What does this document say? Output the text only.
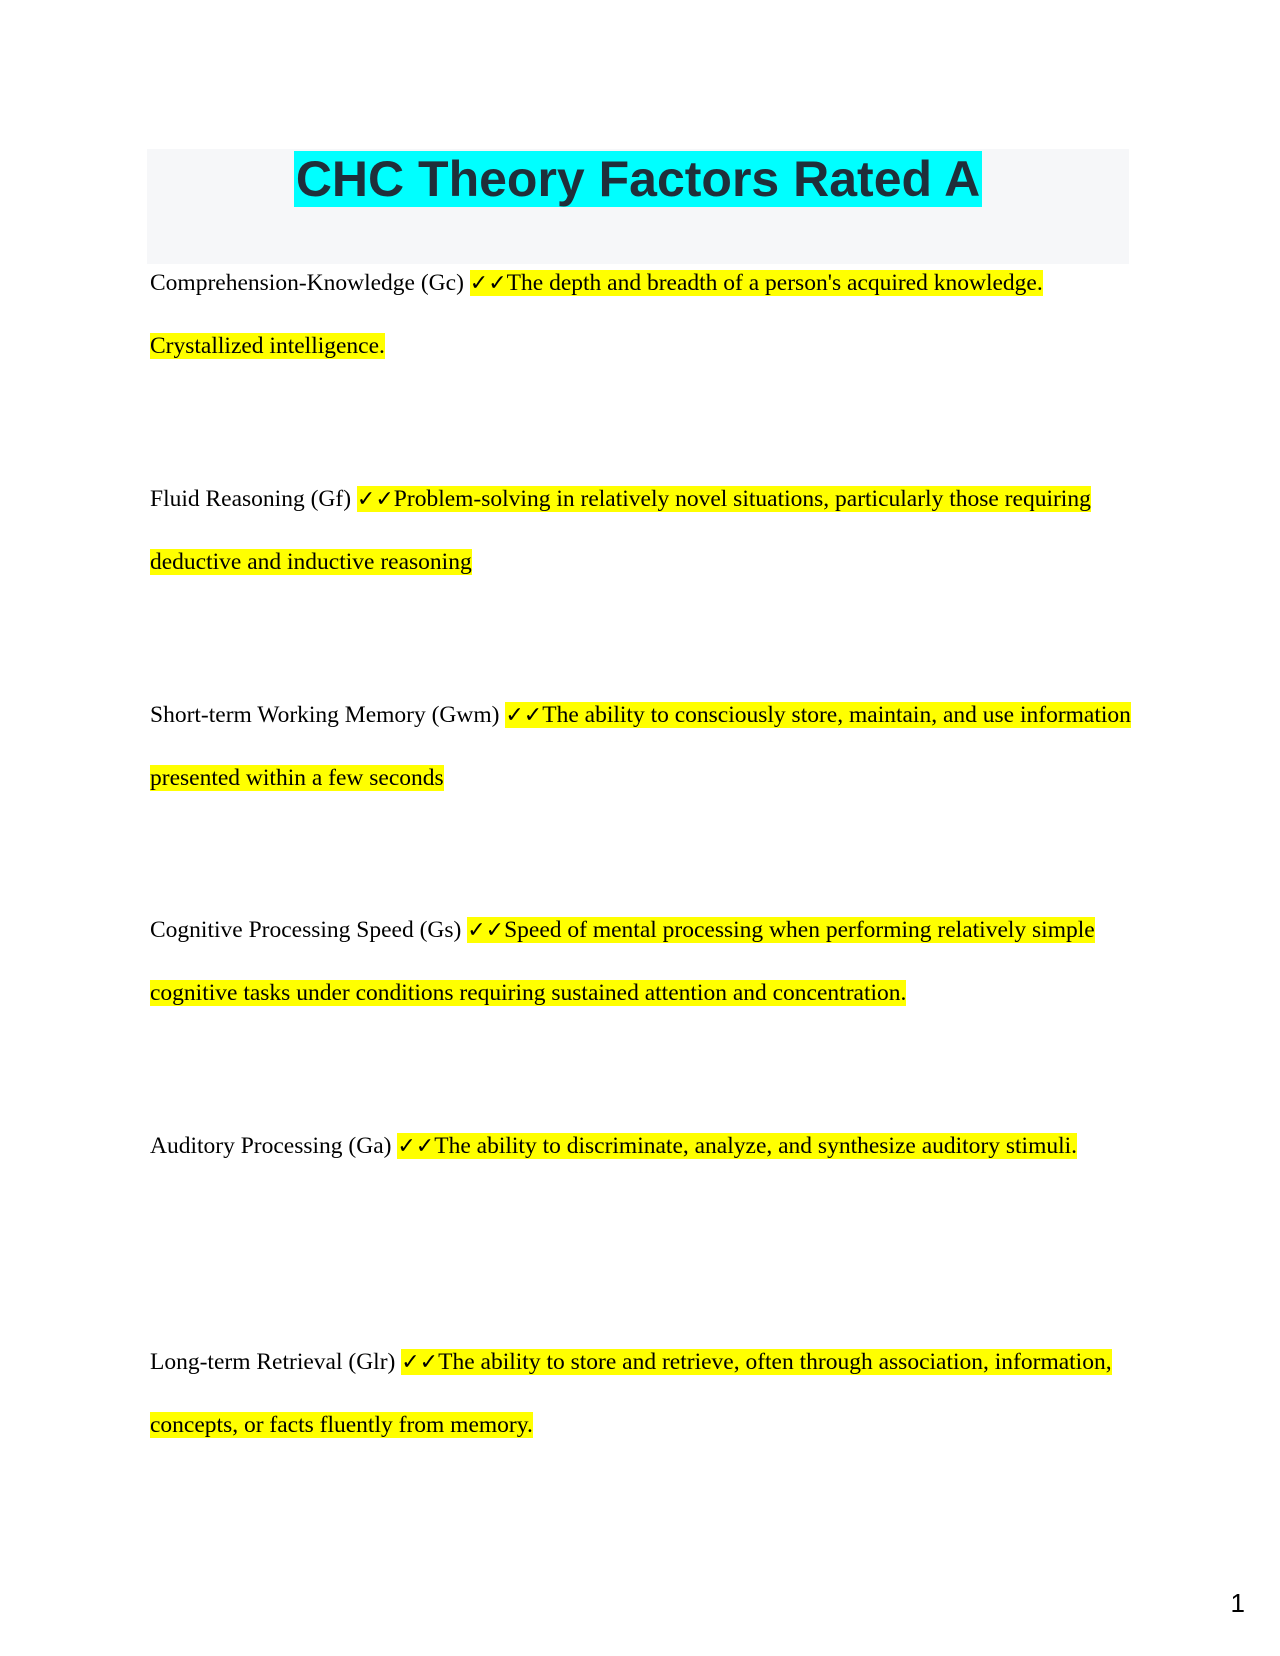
CHC Theory Factors Rated A
Comprehension-Knowledge (Gc) ✓✓The depth and breadth of a person's acquired knowledge. Crystallized intelligence.
Fluid Reasoning (Gf) ✓✓Problem-solving in relatively novel situations, particularly those requiring deductive and inductive reasoning
Short-term Working Memory (Gwm) ✓✓The ability to consciously store, maintain, and use information presented within a few seconds
Cognitive Processing Speed (Gs) ✓✓Speed of mental processing when performing relatively simple cognitive tasks under conditions requiring sustained attention and concentration.
Auditory Processing (Ga) ✓✓The ability to discriminate, analyze, and synthesize auditory stimuli.
Long-term Retrieval (Glr) ✓✓The ability to store and retrieve, often through association, information, concepts, or facts fluently from memory.
1
